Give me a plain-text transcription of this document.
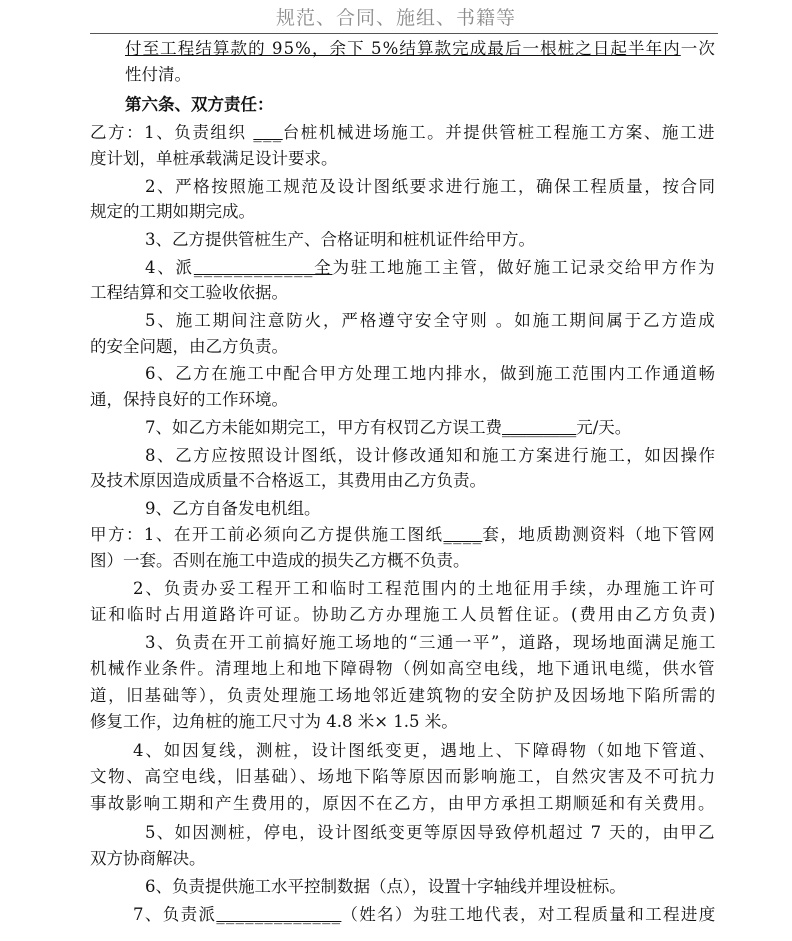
规范、合同、施组、书籍等
付至工程结算款的 95%，余下 5%结算款完成最后一根桩之日起半年内一次
性付清。
第六条、双方责任：
乙方：1、负责组织 ___台桩机械进场施工。并提供管桩工程施工方案、施工进
度计划，单桩承载满足设计要求。
2、严格按照施工规范及设计图纸要求进行施工，确保工程质量，按合同
规定的工期如期完成。
3、乙方提供管桩生产、合格证明和桩机证件给甲方。
4、派____________全为驻工地施工主管，做好施工记录交给甲方作为
工程结算和交工验收依据。
5、施工期间注意防火，严格遵守安全守则 。如施工期间属于乙方造成
的安全问题，由乙方负责。
6、乙方在施工中配合甲方处理工地内排水，做到施工范围内工作通道畅
通，保持良好的工作环境。
7、如乙方未能如期完工，甲方有权罚乙方误工费_________元/天。
8、乙方应按照设计图纸，设计修改通知和施工方案进行施工，如因操作
及技术原因造成质量不合格返工，其费用由乙方负责。
9、乙方自备发电机组。
甲方：1、在开工前必须向乙方提供施工图纸____套，地质勘测资料（地下管网
图）一套。否则在施工中造成的损失乙方概不负责。
2、负责办妥工程开工和临时工程范围内的土地征用手续，办理施工许可
证和临时占用道路许可证。协助乙方办理施工人员暂住证。(费用由乙方负责)
3、负责在开工前搞好施工场地的“三通一平”，道路，现场地面满足施工
机械作业条件。清理地上和地下障碍物（例如高空电线，地下通讯电缆，供水管
道，旧基础等），负责处理施工场地邻近建筑物的安全防护及因场地下陷所需的
修复工作，边角桩的施工尺寸为 4.8 米× 1.5 米。
4、如因复线，测桩，设计图纸变更，遇地上、下障碍物（如地下管道、
文物、高空电线，旧基础）、场地下陷等原因而影响施工，自然灾害及不可抗力
事故影响工期和产生费用的，原因不在乙方，由甲方承担工期顺延和有关费用。
5、如因测桩，停电，设计图纸变更等原因导致停机超过 7 天的，由甲乙
双方协商解决。
6、负责提供施工水平控制数据（点），设置十字轴线并埋设桩标。
7、负责派_____________（姓名）为驻工地代表，对工程质量和工程进度
